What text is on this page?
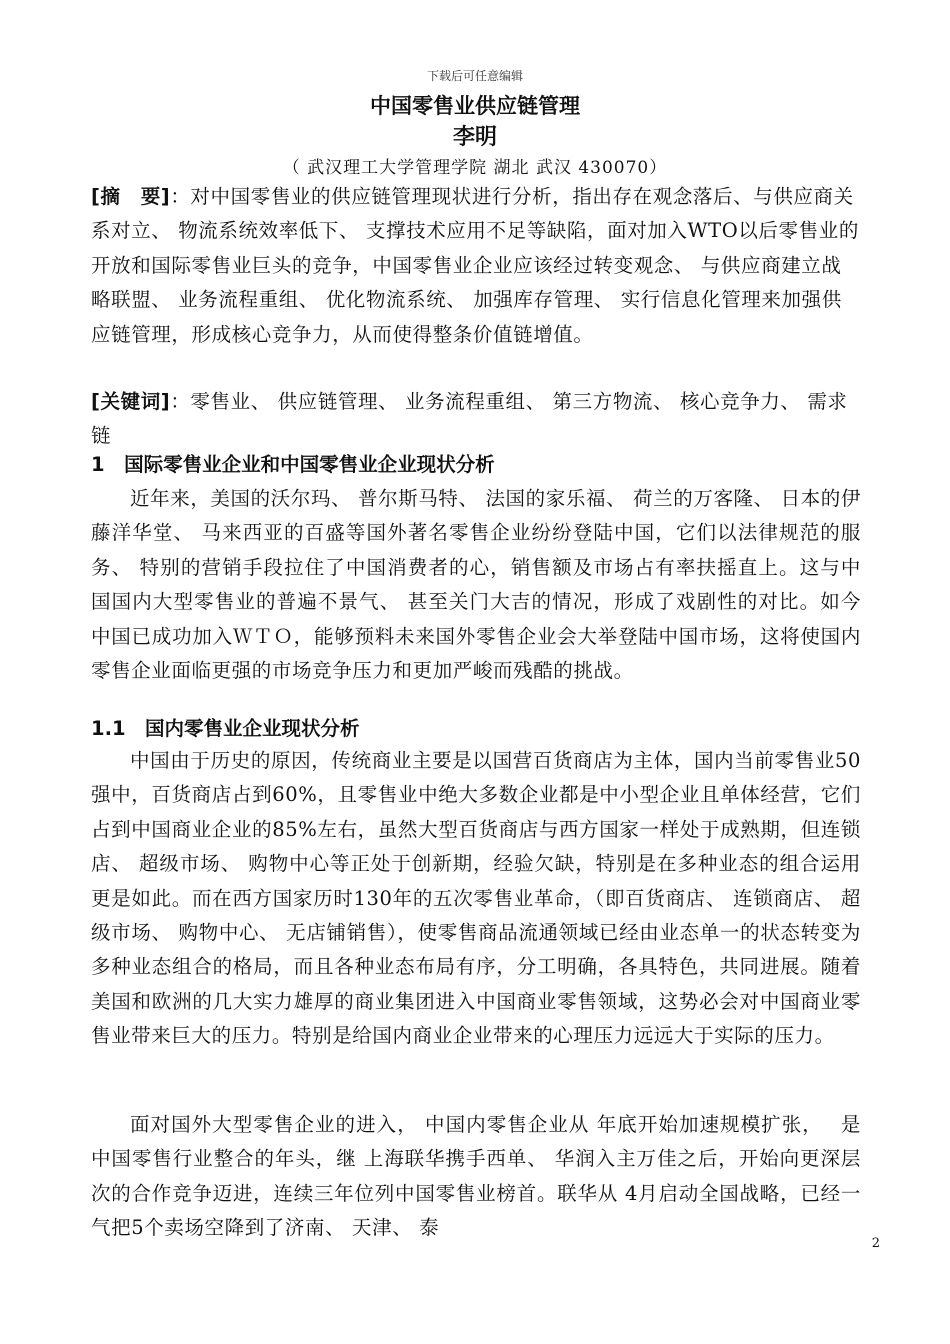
下载后可任意编辑
中国零售业供应链管理
李明
（ 武汉理工大学管理学院 湖北 武汉 430070）
[摘　要]：对中国零售业的供应链管理现状进行分析，指出存在观念落后、与供应商关系对立、 物流系统效率低下、 支撑技术应用不足等缺陷，面对加入WTO以后零售业的开放和国际零售业巨头的竞争，中国零售业企业应该经过转变观念、 与供应商建立战略联盟、 业务流程重组、 优化物流系统、 加强库存管理、 实行信息化管理来加强供应链管理，形成核心竞争力，从而使得整条价值链增值。
[关键词]：零售业、 供应链管理、 业务流程重组、 第三方物流、 核心竞争力、 需求链
1　国际零售业企业和中国零售业企业现状分析
近年来，美国的沃尔玛、 普尔斯马特、 法国的家乐福、 荷兰的万客隆、 日本的伊藤洋华堂、 马来西亚的百盛等国外著名零售企业纷纷登陆中国，它们以法律规范的服务、 特别的营销手段拉住了中国消费者的心，销售额及市场占有率扶摇直上。这与中国国内大型零售业的普遍不景气、 甚至关门大吉的情况，形成了戏剧性的对比。如今中国已成功加入ＷＴＯ，能够预料未来国外零售企业会大举登陆中国市场，这将使国内零售企业面临更强的市场竞争压力和更加严峻而残酷的挑战。
1.1　国内零售业企业现状分析
中国由于历史的原因，传统商业主要是以国营百货商店为主体，国内当前零售业50强中，百货商店占到60%，且零售业中绝大多数企业都是中小型企业且单体经营，它们占到中国商业企业的85%左右，虽然大型百货商店与西方国家一样处于成熟期，但连锁店、 超级市场、 购物中心等正处于创新期，经验欠缺，特别是在多种业态的组合运用更是如此。而在西方国家历时130年的五次零售业革命，（即百货商店、 连锁商店、 超级市场、 购物中心、 无店铺销售），使零售商品流通领域已经由业态单一的状态转变为多种业态组合的格局，而且各种业态布局有序，分工明确，各具特色，共同进展。随着美国和欧洲的几大实力雄厚的商业集团进入中国商业零售领域，这势必会对中国商业零售业带来巨大的压力。特别是给国内商业企业带来的心理压力远远大于实际的压力。
面对国外大型零售企业的进入， 中国内零售企业从 年底开始加速规模扩张，　 是中国零售行业整合的年头，继 上海联华携手西单、 华润入主万佳之后，开始向更深层次的合作竞争迈进，连续三年位列中国零售业榜首。联华从 4月启动全国战略，已经一气把5个卖场空降到了济南、 天津、 泰
2
